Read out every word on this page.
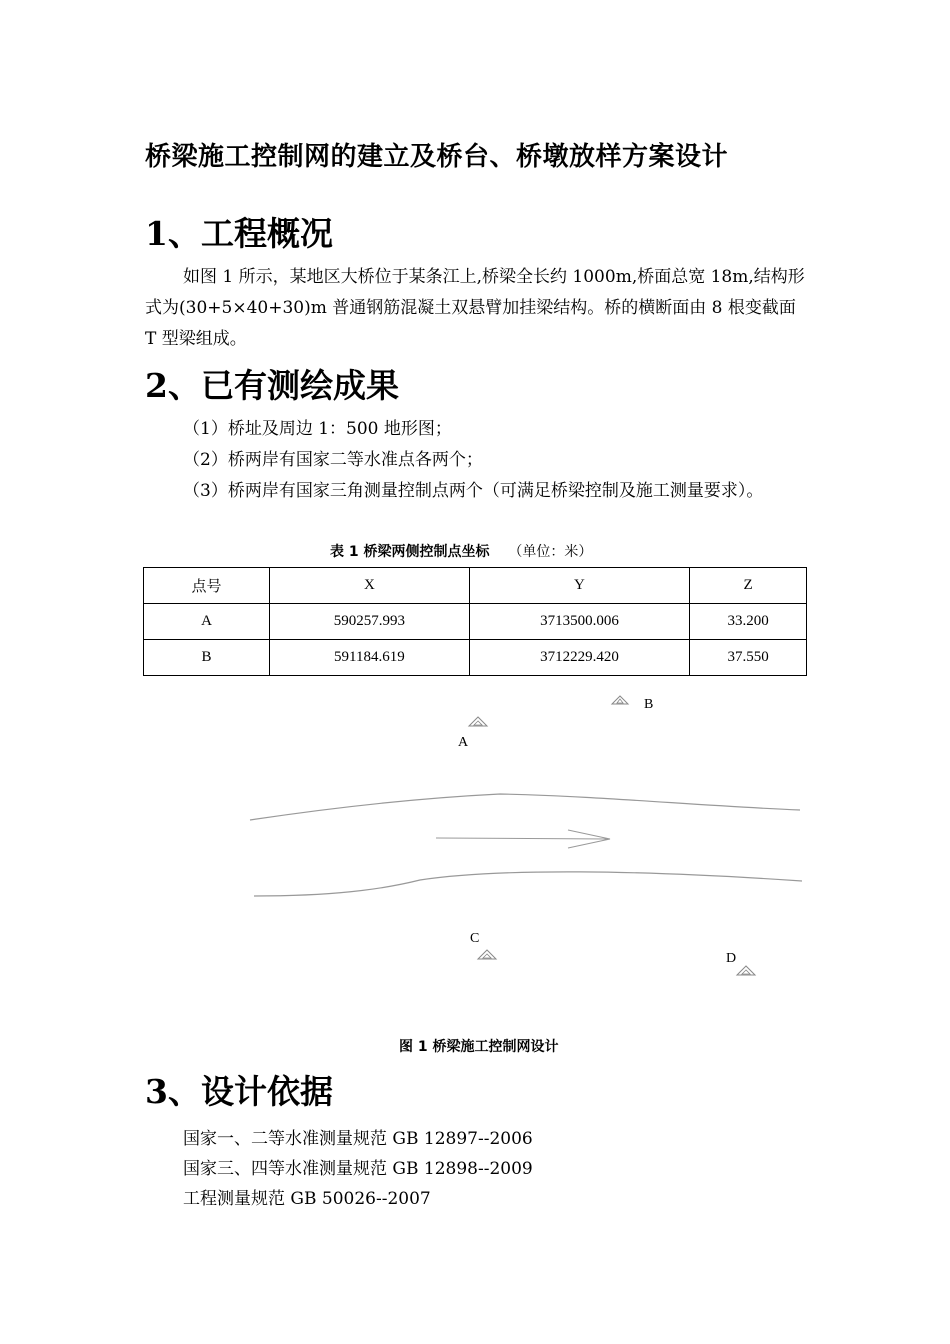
桥梁施工控制网的建立及桥台、桥墩放样方案设计
1、工程概况
如图 1 所示，某地区大桥位于某条江上,桥梁全长约 1000m,桥面总宽 18m,结构形式为(30+5×40+30)m 普通钢筋混凝土双悬臂加挂梁结构。桥的横断面由 8 根变截面 T 型梁组成。
2、已有测绘成果
（1）桥址及周边 1：500 地形图；
（2）桥两岸有国家二等水准点各两个；
（3）桥两岸有国家三角测量控制点两个（可满足桥梁控制及施工测量要求）。
表 1 桥梁两侧控制点坐标 （单位：米）
点号	X	Y	Z
A	590257.993	3713500.006	33.200
B	591184.619	3712229.420	37.550
A
B
C
D
图 1 桥梁施工控制网设计
3、设计依据
国家一、二等水准测量规范 GB 12897--2006
国家三、四等水准测量规范 GB 12898--2009
工程测量规范 GB 50026--2007
